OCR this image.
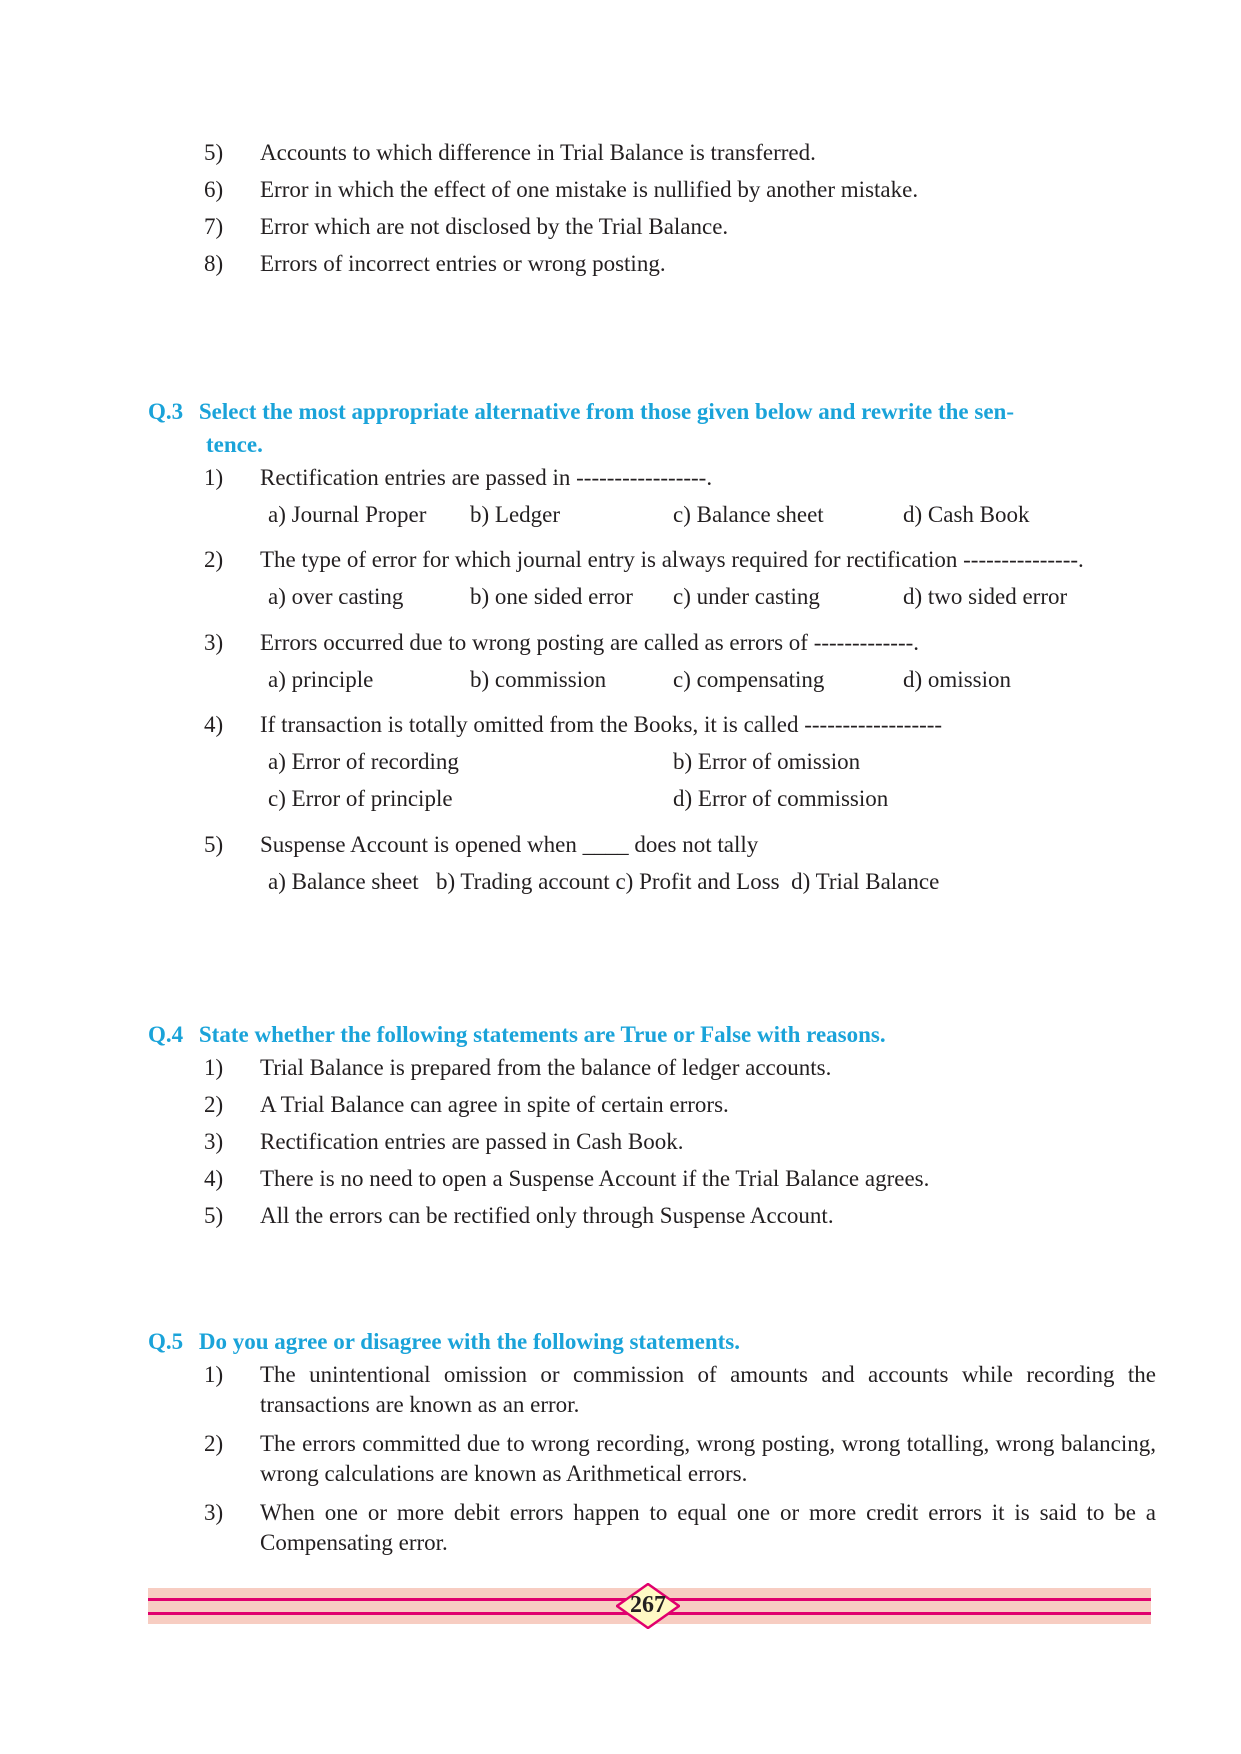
5) Accounts to which difference in Trial Balance is transferred.
6) Error in which the effect of one mistake is nullified by another mistake.
7) Error which are not disclosed by the Trial Balance.
8) Errors of incorrect entries or wrong posting.
Q.3 Select the most appropriate alternative from those given below and rewrite the sen-
tence.
1) Rectification entries are passed in -----------------.
a) Journal Proper b) Ledger	c) Balance sheet	d) Cash Book
2) The type of error for which journal entry is always required for rectification ---------------.
a) over casting	b) one sided error c) under casting	d) two sided error
3) Errors occurred due to wrong posting are called as errors of -------------.
a) principle	b) commission	c) compensating	d) omission
4) If transaction is totally omitted from the Books, it is called ------------------
a) Error of recording	b) Error of omission
c) Error of principle	d) Error of commission
5) Suspense Account is opened when ____ does not tally
a) Balance sheet   b) Trading account c) Profit and Loss  d) Trial Balance
Q.4 State whether the following statements are True or False with reasons.
1) Trial Balance is prepared from the balance of ledger accounts.
2) A Trial Balance can agree in spite of certain errors.
3) Rectification entries are passed in Cash Book.
4) There is no need to open a Suspense Account if the Trial Balance agrees.
5) All the errors can be rectified only through Suspense Account.
Q.5 Do you agree or disagree with the following statements.
1) The unintentional omission or commission of amounts and accounts while recording the transactions are known as an error.
2) The errors committed due to wrong recording, wrong posting, wrong totalling, wrong balancing, wrong calculations are known as Arithmetical errors.
3) When one or more debit errors happen to equal one or more credit errors it is said to be a Compensating error.
267
